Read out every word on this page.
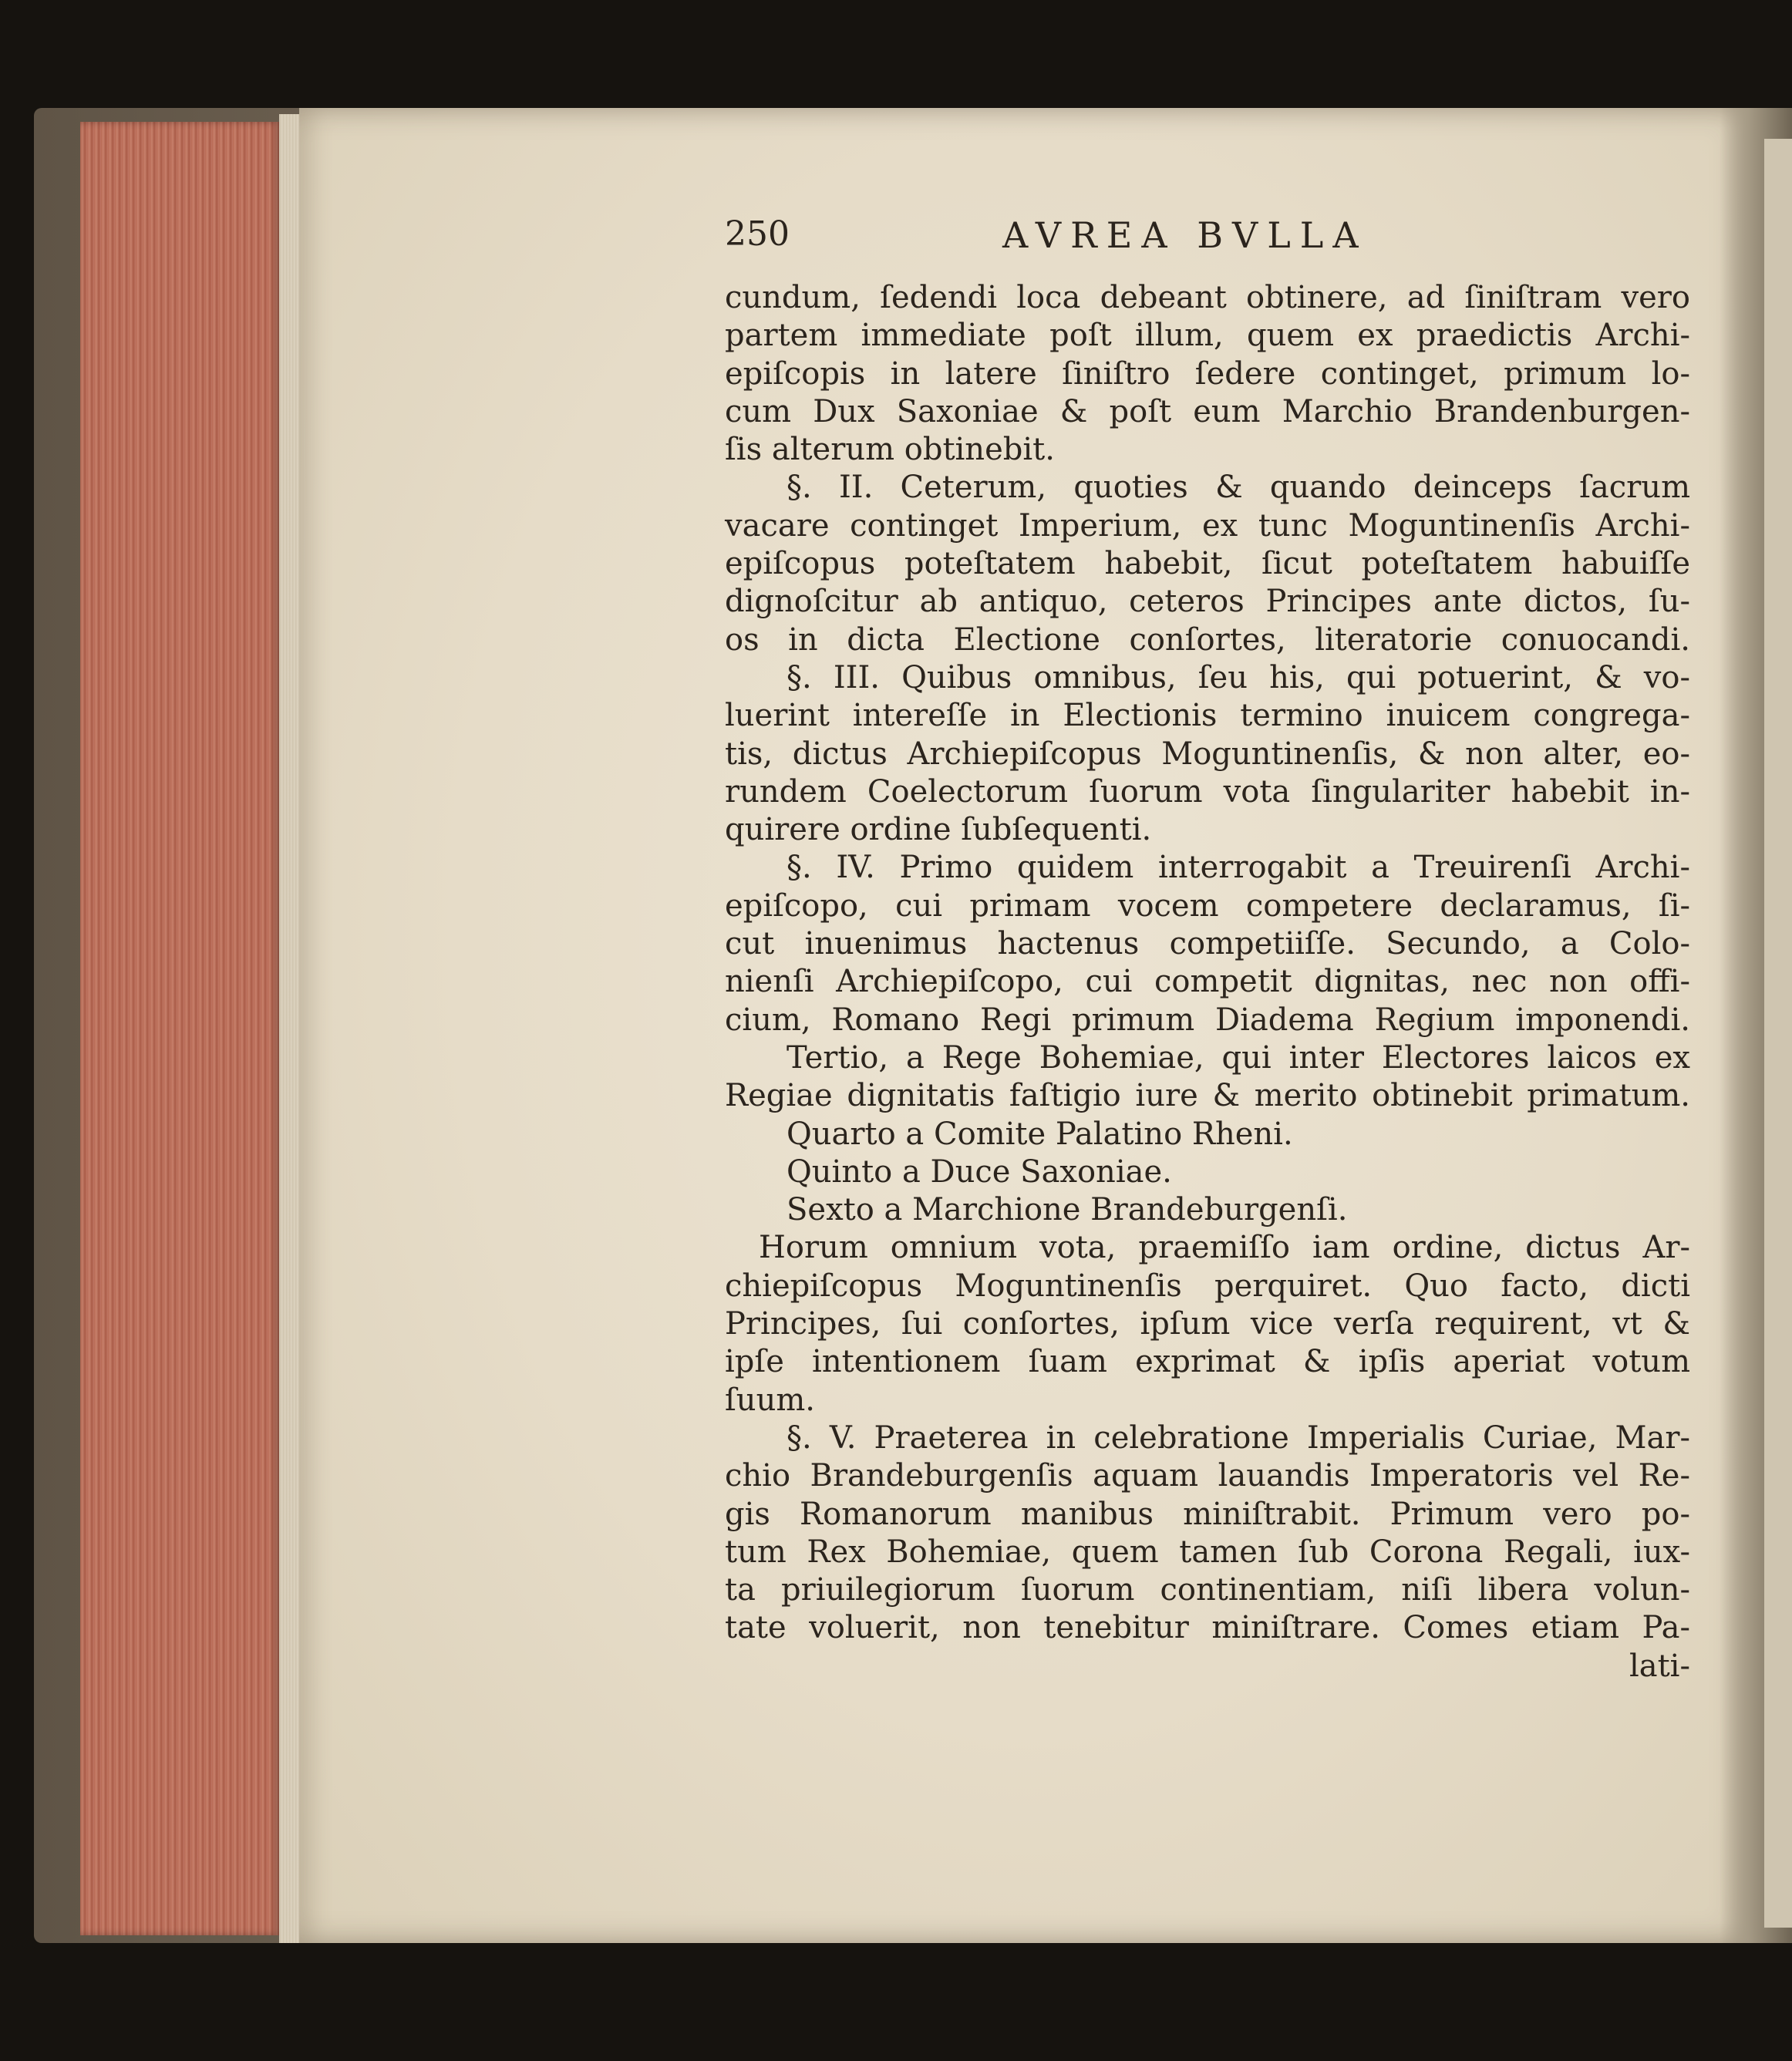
250	AVREA BVLLA
cundum, ſedendi loca debeant obtinere, ad ſiniſtram vero
partem immediate poſt illum, quem ex praedictis Archi-
epiſcopis in latere ſiniſtro ſedere continget, primum lo-
cum Dux Saxoniae & poſt eum Marchio Brandenburgen-
ſis alterum obtinebit.
§. II. Ceterum, quoties & quando deinceps ſacrum
vacare continget Imperium, ex tunc Moguntinenſis Archi-
epiſcopus poteſtatem habebit, ſicut poteſtatem habuiſſe
dignoſcitur ab antiquo, ceteros Principes ante dictos, ſu-
os in dicta Electione conſortes, literatorie conuocandi.
§. III. Quibus omnibus, ſeu his, qui potuerint, & vo-
luerint intereſſe in Electionis termino inuicem congrega-
tis, dictus Archiepiſcopus Moguntinenſis, & non alter, eo-
rundem Coelectorum ſuorum vota ſingulariter habebit in-
quirere ordine ſubſequenti.
§. IV. Primo quidem interrogabit a Treuirenſi Archi-
epiſcopo, cui primam vocem competere declaramus, ſi-
cut inuenimus hactenus competiiſſe. Secundo, a Colo-
nienſi Archiepiſcopo, cui competit dignitas, nec non offi-
cium, Romano Regi primum Diadema Regium imponendi.
Tertio, a Rege Bohemiae, qui inter Electores laicos ex
Regiae dignitatis faſtigio iure & merito obtinebit primatum.
Quarto a Comite Palatino Rheni.
Quinto a Duce Saxoniae.
Sexto a Marchione Brandeburgenſi.
Horum omnium vota, praemiſſo iam ordine, dictus Ar-
chiepiſcopus Moguntinenſis perquiret. Quo facto, dicti
Principes, ſui conſortes, ipſum vice verſa requirent, vt &
ipſe intentionem ſuam exprimat & ipſis aperiat votum
ſuum.
§. V. Praeterea in celebratione Imperialis Curiae, Mar-
chio Brandeburgenſis aquam lauandis Imperatoris vel Re-
gis Romanorum manibus miniſtrabit. Primum vero po-
tum Rex Bohemiae, quem tamen ſub Corona Regali, iux-
ta priuilegiorum ſuorum continentiam, niſi libera volun-
tate voluerit, non tenebitur miniſtrare. Comes etiam Pa-
lati-
